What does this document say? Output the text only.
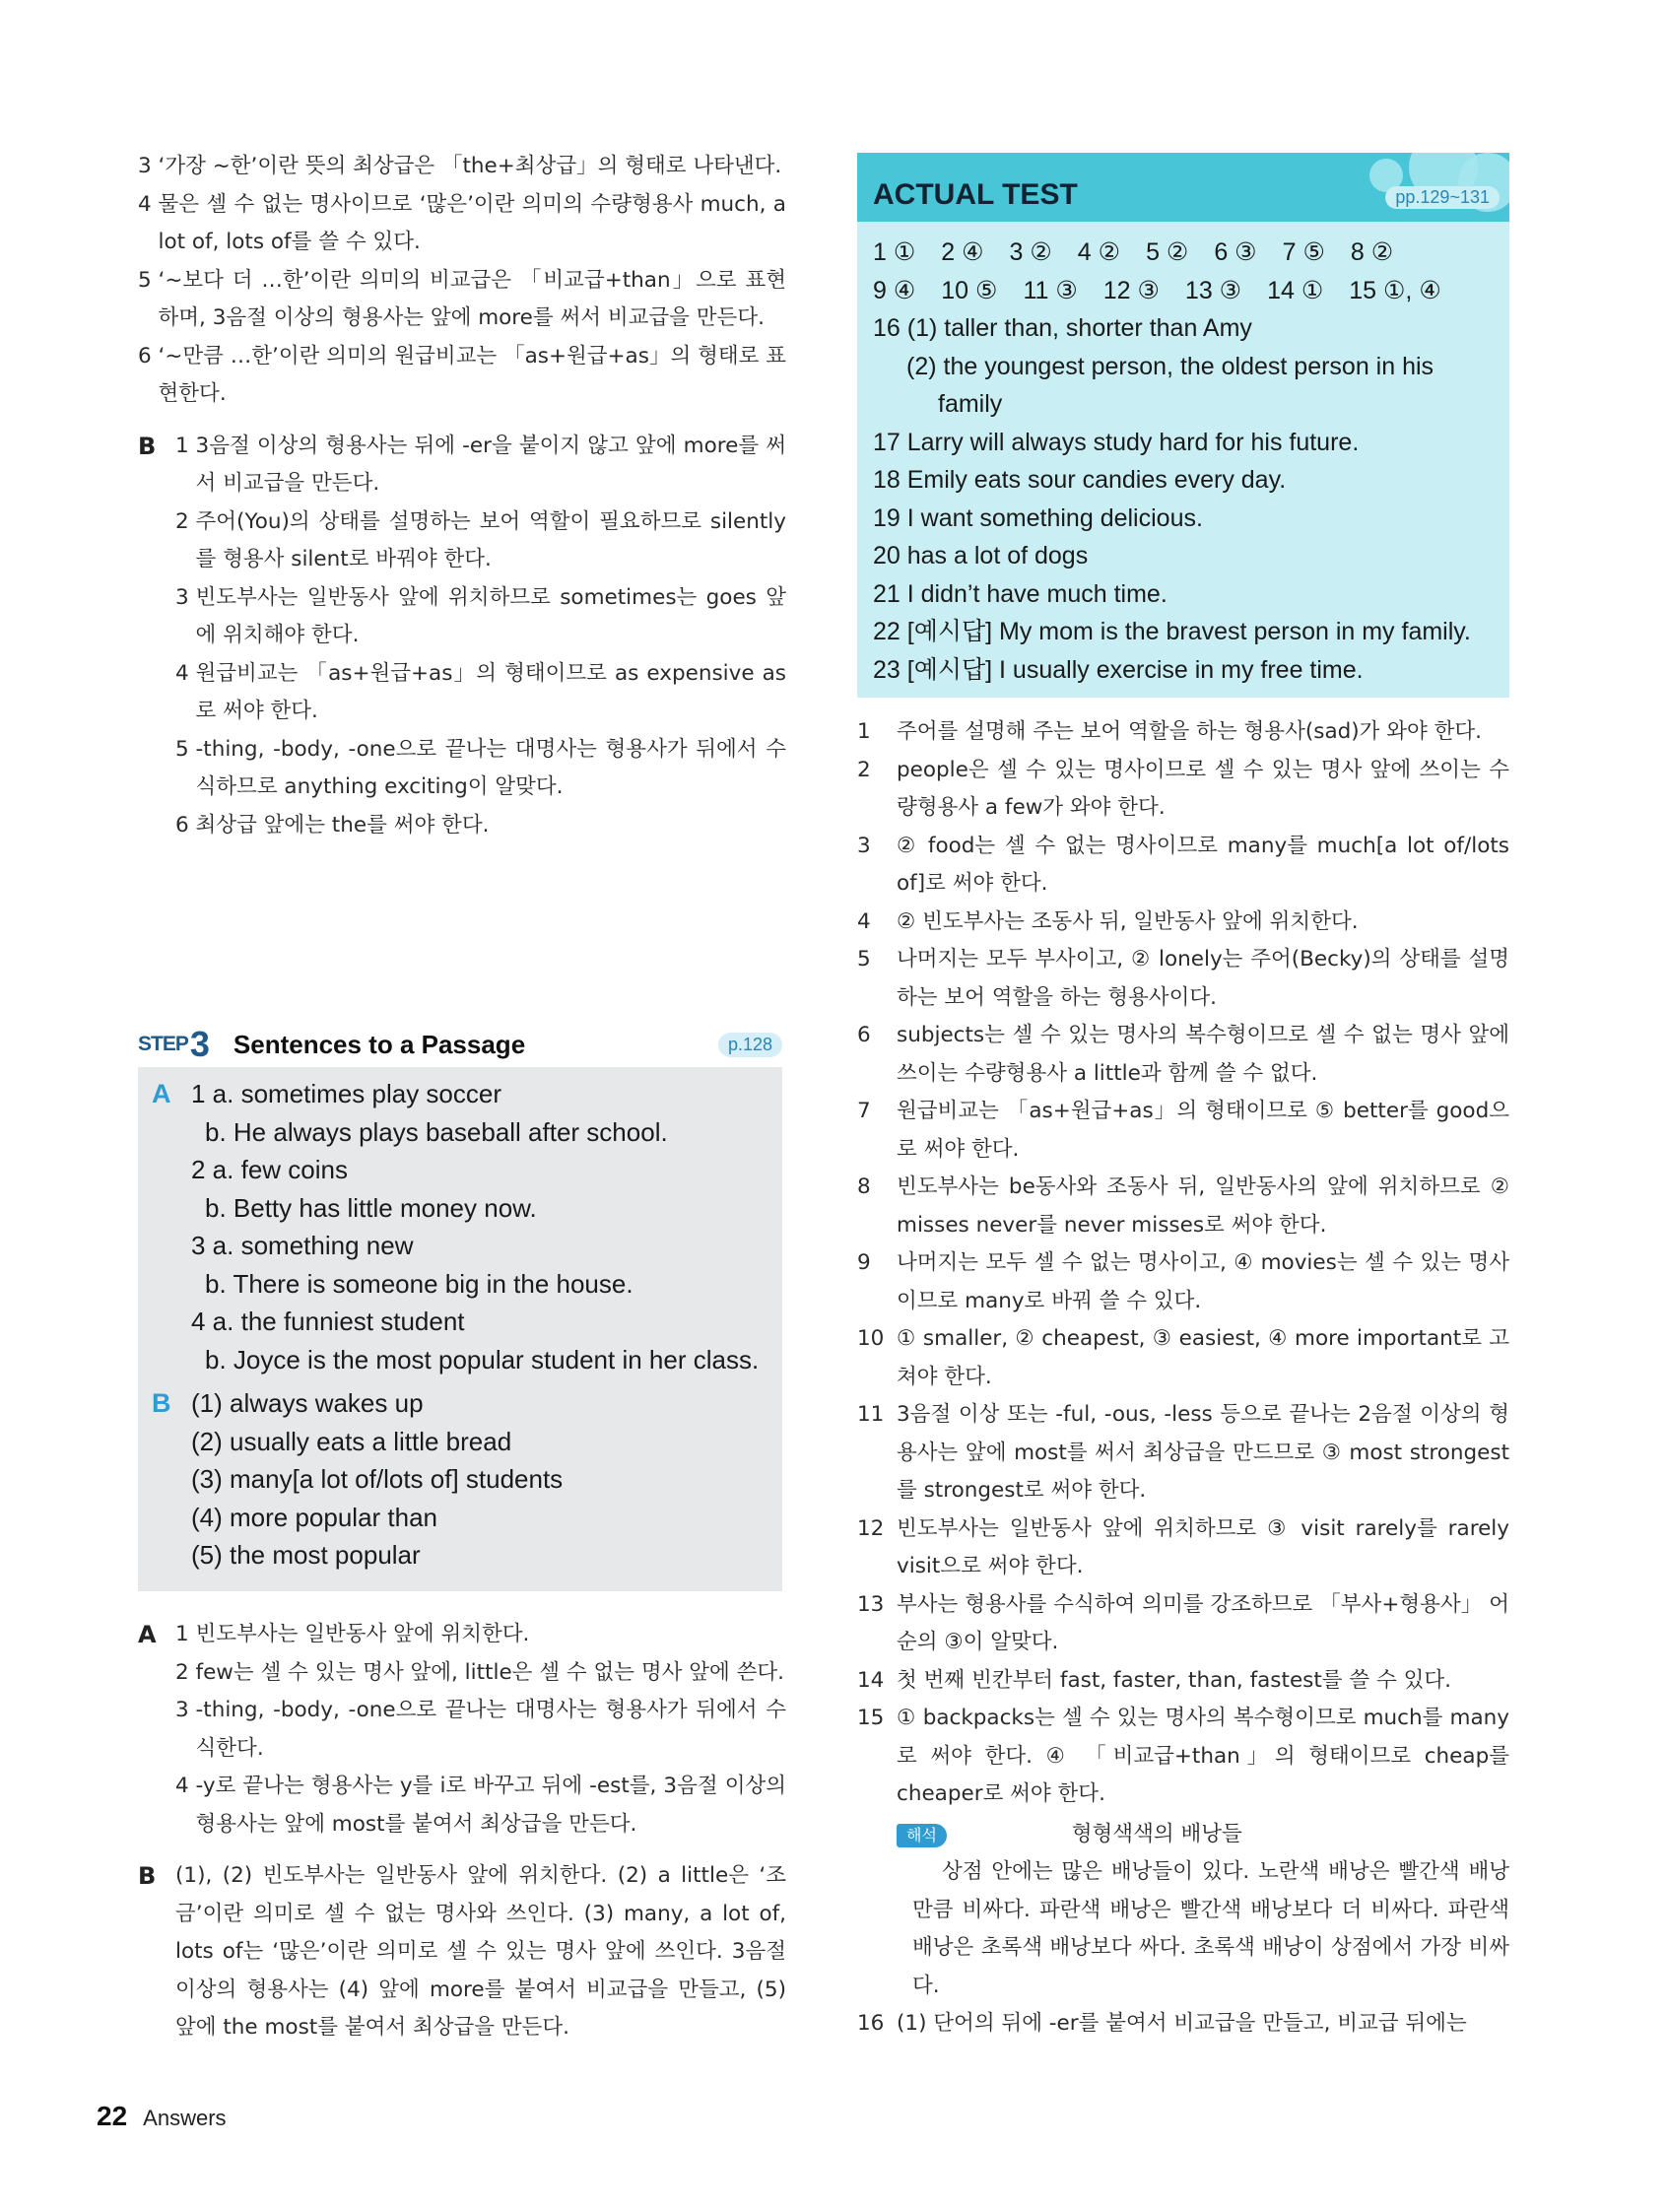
3 ‘가장 ~한’이란 뜻의 최상급은 「the+최상급」의 형태로 나타낸다.
4 물은 셀 수 없는 명사이므로 ‘많은’이란 의미의 수량형용사 much, a lot of, lots of를 쓸 수 있다.
5 ‘~보다 더 …한’이란 의미의 비교급은 「비교급+than」으로 표현하며, 3음절 이상의 형용사는 앞에 more를 써서 비교급을 만든다.
6 ‘~만큼 …한’이란 의미의 원급비교는 「as+원급+as」의 형태로 표현한다.
B 1 3음절 이상의 형용사는 뒤에 -er을 붙이지 않고 앞에 more를 써서 비교급을 만든다.
2 주어(You)의 상태를 설명하는 보어 역할이 필요하므로 silently를 형용사 silent로 바꿔야 한다.
3 빈도부사는 일반동사 앞에 위치하므로 sometimes는 goes 앞에 위치해야 한다.
4 원급비교는 「as+원급+as」의 형태이므로 as expensive as로 써야 한다.
5 -thing, -body, -one으로 끝나는 대명사는 형용사가 뒤에서 수식하므로 anything exciting이 알맞다.
6 최상급 앞에는 the를 써야 한다.
STEP 3 Sentences to a Passage	p.128
A 1 a. sometimes play soccer
b. He always plays baseball after school.
2 a. few coins
b. Betty has little money now.
3 a. something new
b. There is someone big in the house.
4 a. the funniest student
b. Joyce is the most popular student in her class.
B (1) always wakes up
(2) usually eats a little bread
(3) many[a lot of/lots of] students
(4) more popular than
(5) the most popular
A 1 빈도부사는 일반동사 앞에 위치한다.
2 few는 셀 수 있는 명사 앞에, little은 셀 수 없는 명사 앞에 쓴다.
3 -thing, -body, -one으로 끝나는 대명사는 형용사가 뒤에서 수식한다.
4 -y로 끝나는 형용사는 y를 i로 바꾸고 뒤에 -est를, 3음절 이상의 형용사는 앞에 most를 붙여서 최상급을 만든다.
B (1), (2) 빈도부사는 일반동사 앞에 위치한다. (2) a little은 ‘조금’이란 의미로 셀 수 없는 명사와 쓰인다. (3) many, a lot of, lots of는 ‘많은’이란 의미로 셀 수 있는 명사 앞에 쓰인다. 3음절 이상의 형용사는 (4) 앞에 more를 붙여서 비교급을 만들고, (5) 앞에 the most를 붙여서 최상급을 만든다.
ACTUAL TEST	pp.129~131
1 ① 2 ④ 3 ② 4 ② 5 ② 6 ③ 7 ⑤ 8 ②
9 ④ 10 ⑤ 11 ③ 12 ③ 13 ③ 14 ① 15 ①, ④
16 (1) taller than, shorter than Amy
(2) the youngest person, the oldest person in his
family
17 Larry will always study hard for his future.
18 Emily eats sour candies every day.
19 I want something delicious.
20 has a lot of dogs
21 I didn’t have much time.
22 [예시답] My mom is the bravest person in my family.
23 [예시답] I usually exercise in my free time.
1	주어를 설명해 주는 보어 역할을 하는 형용사(sad)가 와야 한다.
2	people은 셀 수 있는 명사이므로 셀 수 있는 명사 앞에 쓰이는 수량형용사 a few가 와야 한다.
3	② food는 셀 수 없는 명사이므로 many를 much[a lot of/lots of]로 써야 한다.
4	② 빈도부사는 조동사 뒤, 일반동사 앞에 위치한다.
5	나머지는 모두 부사이고, ② lonely는 주어(Becky)의 상태를 설명하는 보어 역할을 하는 형용사이다.
6	subjects는 셀 수 있는 명사의 복수형이므로 셀 수 없는 명사 앞에 쓰이는 수량형용사 a little과 함께 쓸 수 없다.
7	원급비교는 「as+원급+as」의 형태이므로 ⑤ better를 good으로 써야 한다.
8	빈도부사는 be동사와 조동사 뒤, 일반동사의 앞에 위치하므로 ② misses never를 never misses로 써야 한다.
9	나머지는 모두 셀 수 없는 명사이고, ④ movies는 셀 수 있는 명사이므로 many로 바꿔 쓸 수 있다.
10 ① smaller, ② cheapest, ③ easiest, ④ more important로 고쳐야 한다.
11 3음절 이상 또는 -ful, -ous, -less 등으로 끝나는 2음절 이상의 형용사는 앞에 most를 써서 최상급을 만드므로 ③ most strongest를 strongest로 써야 한다.
12 빈도부사는 일반동사 앞에 위치하므로 ③ visit rarely를 rarely visit으로 써야 한다.
13 부사는 형용사를 수식하여 의미를 강조하므로 「부사+형용사」 어순의 ③이 알맞다.
14 첫 번째 빈칸부터 fast, faster, than, fastest를 쓸 수 있다.
15 ① backpacks는 셀 수 있는 명사의 복수형이므로 much를 many로 써야 한다. ④ 「비교급+than」의 형태이므로 cheap를 cheaper로 써야 한다.
해석	형형색색의 배낭들
상점 안에는 많은 배낭들이 있다. 노란색 배낭은 빨간색 배낭만큼 비싸다. 파란색 배낭은 빨간색 배낭보다 더 비싸다. 파란색 배낭은 초록색 배낭보다 싸다. 초록색 배낭이 상점에서 가장 비싸다.
16 (1) 단어의 뒤에 -er를 붙여서 비교급을 만들고, 비교급 뒤에는
22 Answers
